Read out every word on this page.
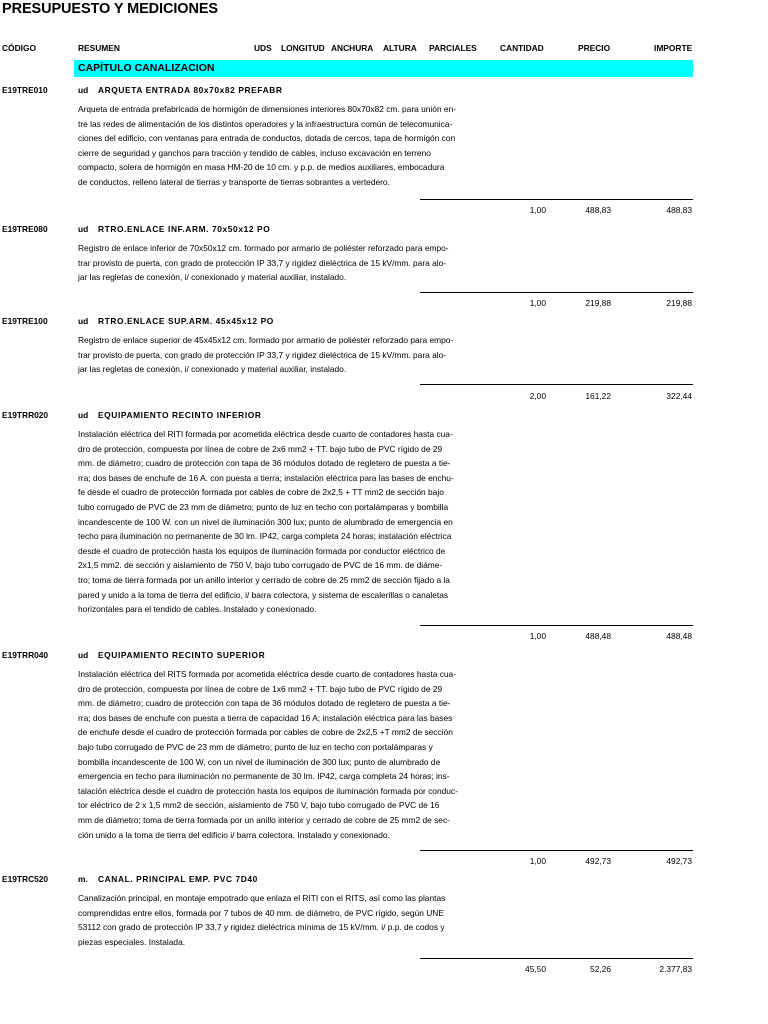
PRESUPUESTO Y MEDICIONES
CÓDIGO	RESUMEN	UDS LONGITUD ANCHURA ALTURA PARCIALES	CANTIDAD	PRECIO	IMPORTE
CAPÍTULO CANALIZACION
E19TRE010	ud ARQUETA ENTRADA 80x70x82 PREFABR
Arqueta de entrada prefabricada de hormigón de dimensiones interiores 80x70x82 cm. para unión en-
tre las redes de alimentación de los distintos operadores y la infraestructura común de telecomunica-
ciones del edificio, con ventanas para entrada de conductos, dotada de cercos, tapa de hormigón con
cierre de seguridad y ganchos para tracción y tendido de cables, incluso excavación en terreno
compacto, solera de hormigón en masa HM-20 de 10 cm. y p.p. de medios auxiliares, embocadura
de conductos, relleno lateral de tierras y transporte de tierras sobrantes a vertedero.
1,00	488,83	488,83
E19TRE080	ud RTRO.ENLACE INF.ARM. 70x50x12 PO
Registro de enlace inferior de 70x50x12 cm. formado por armario de poliéster reforzado para empo-
trar provisto de puerta, con grado de protección IP 33,7 y rigidez dieléctrica de 15 kV/mm. para alo-
jar las regletas de conexión, i/ conexionado y material auxiliar, instalado.
1,00	219,88	219,88
E19TRE100	ud RTRO.ENLACE SUP.ARM. 45x45x12 PO
Registro de enlace superior de 45x45x12 cm. formado por armario de poliéster reforzado para empo-
trar provisto de puerta, con grado de protección IP 33,7 y rigidez dieléctrica de 15 kV/mm. para alo-
jar las regletas de conexión, i/ conexionado y material auxiliar, instalado.
2,00	161,22	322,44
E19TRR020	ud EQUIPAMIENTO RECINTO INFERIOR
Instalación eléctrica del RITI formada por acometida eléctrica desde cuarto de contadores hasta cua-
dro de protección, compuesta por línea de cobre de 2x6 mm2 + TT. bajo tubo de PVC rígido de 29
mm. de diámetro; cuadro de protección con tapa de 36 módulos dotado de regletero de puesta a tie-
rra; dos bases de enchufe de 16 A. con puesta a tierra; instalación eléctrica para las bases de enchu-
fe desde el cuadro de protección formada por cables de cobre de 2x2,5 + TT mm2 de sección bajo
tubo corrugado de PVC de 23 mm de diámetro; punto de luz en techo con portalámparas y bombilla
incandescente de 100 W. con un nivel de iluminación 300 lux; punto de alumbrado de emergencia en
techo para iluminación no permanente de 30 lm. IP42, carga completa 24 horas; instalación eléctrica
desde el cuadro de protección hasta los equipos de iluminación formada por conductor eléctrico de
2x1,5 mm2. de sección y aislamiento de 750 V, bajo tubo corrugado de PVC de 16 mm. de diáme-
tro; toma de tierra formada por un anillo interior y cerrado de cobre de 25 mm2 de sección fijado a la
pared y unido a la toma de tierra del edificio, i/ barra colectora, y sistema de escalerillas o canaletas
horizontales para el tendido de cables. Instalado y conexionado.
1,00	488,48	488,48
E19TRR040	ud EQUIPAMIENTO RECINTO SUPERIOR
Instalación eléctrica del RITS formada por acometida eléctrica desde cuarto de contadores hasta cua-
dro de protección, compuesta por línea de cobre de 1x6 mm2 + TT. bajo tubo de PVC rígido de 29
mm. de diámetro; cuadro de protección con tapa de 36 módulos dotado de regletero de puesta a tie-
rra; dos bases de enchufe con puesta a tierra de capacidad 16 A; instalación eléctrica para las bases
de enchufe desde el cuadro de protección formada por cables de cobre de 2x2,5 +T mm2 de sección
bajo tubo corrugado de PVC de 23 mm de diámetro; punto de luz en techo con portalámparas y
bombilla incandescente de 100 W, con un nivel de iluminación de 300 lux; punto de alumbrado de
emergencia en techo para iluminación no permanente de 30 lm. IP42, carga completa 24 horas; ins-
talación eléctrica desde el cuadro de protección hasta los equipos de iluminación formada por conduc-
tor eléctrico de 2 x 1,5 mm2 de sección, aislamiento de 750 V, bajo tubo corrugado de PVC de 16
mm de diámetro; toma de tierra formada por un anillo interior y cerrado de cobre de 25 mm2 de sec-
ción unido a la toma de tierra del edificio i/ barra colectora. Instalado y conexionado.
1,00	492,73	492,73
E19TRC520	m. CANAL. PRINCIPAL EMP. PVC 7D40
Canalización principal, en montaje empotrado que enlaza el RITI con el RITS, así como las plantas
comprendidas entre ellos, formada por 7 tubos de 40 mm. de diámetro, de PVC rígido, según UNE
53112 con grado de protección IP 33,7 y rigidez dieléctrica mínima de 15 kV/mm. i/ p.p. de codos y
piezas especiales. Instalada.
45,50	52,26	2.377,83
